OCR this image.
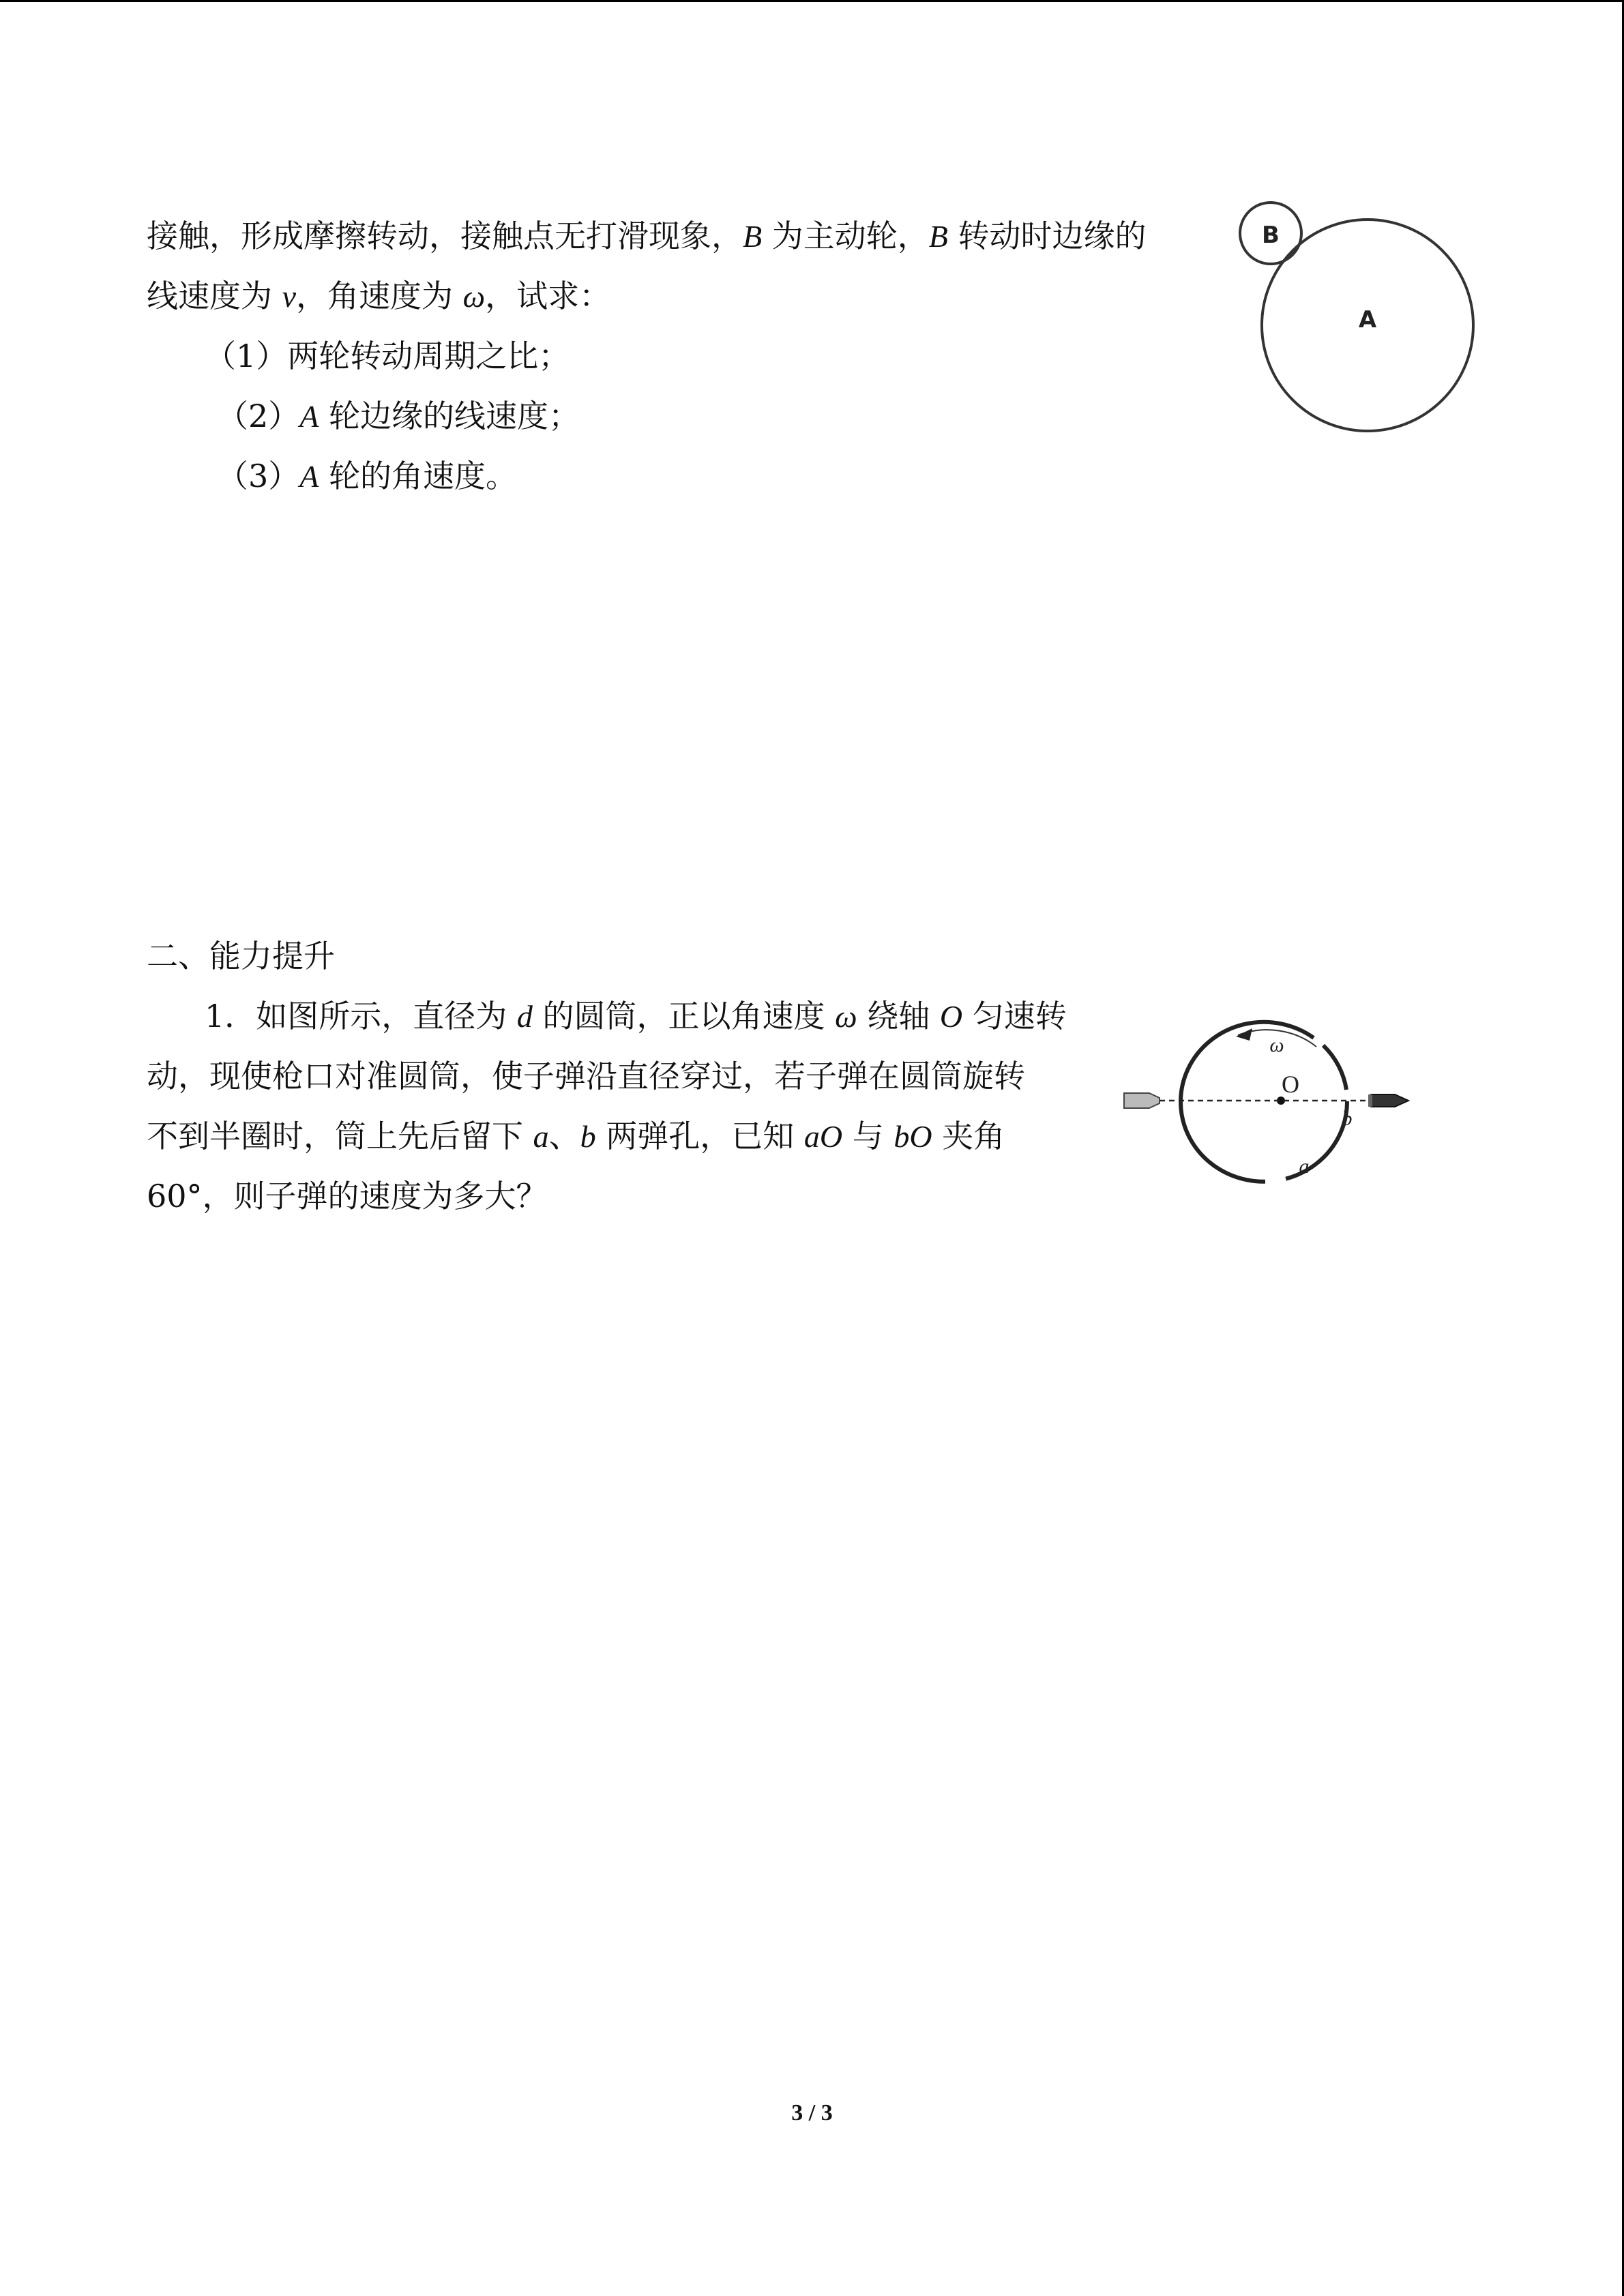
接触，形成摩擦转动，接触点无打滑现象，B 为主动轮，B 转动时边缘的
线速度为 v，角速度为 ω，试求：
（1）两轮转动周期之比；
（2）A 轮边缘的线速度；
（3）A 轮的角速度。
B
A
二、能力提升
1．如图所示，直径为 d 的圆筒，正以角速度 ω 绕轴 O 匀速转
动，现使枪口对准圆筒，使子弹沿直径穿过，若子弹在圆筒旋转
不到半圈时，筒上先后留下 a、b 两弹孔，已知 aO 与 bO 夹角
60°，则子弹的速度为多大？
ω
O
b
a
3 / 3
